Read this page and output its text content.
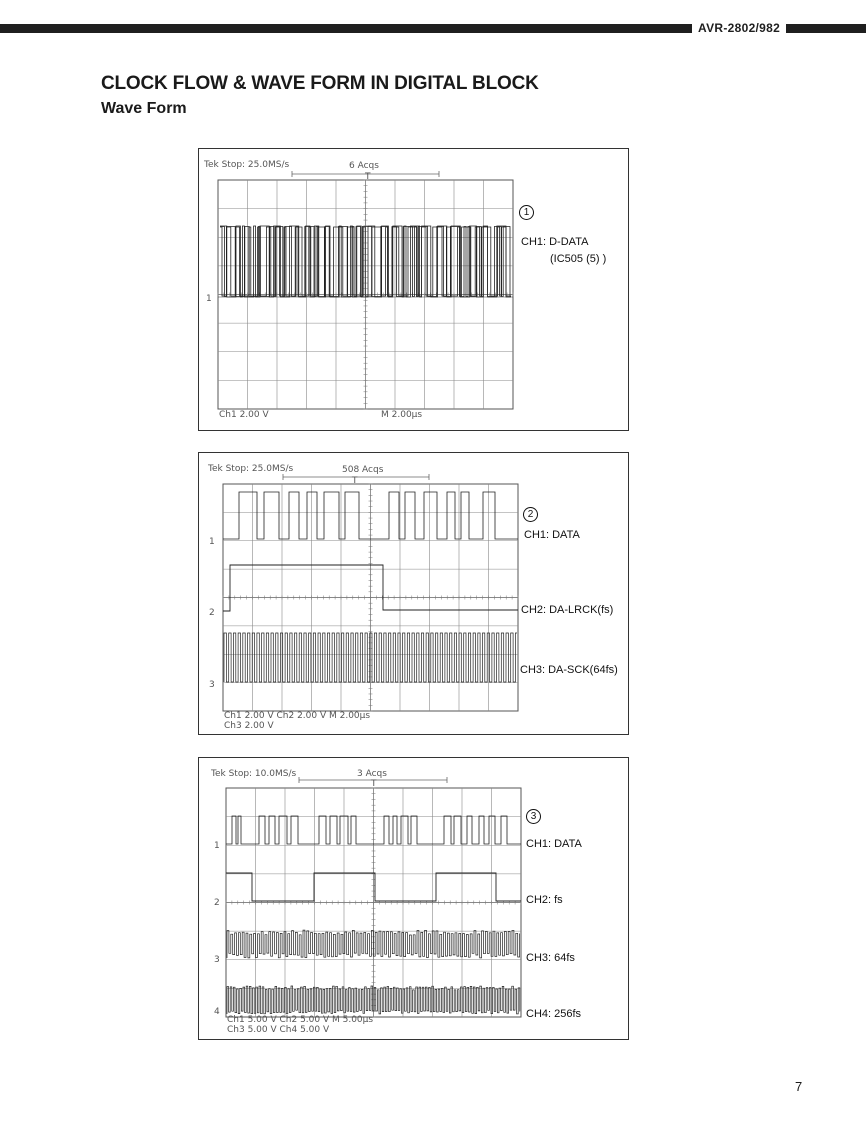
AVR-2802/982
CLOCK FLOW & WAVE FORM IN DIGITAL BLOCK
Wave Form
Tek Stop: 25.0MS/s	6 Acqs
T
Ch1 2.00 V	M 2.00μs
1
1
CH1: D-DATA
(IC505 (5) )
Tek Stop: 25.0MS/s	508 Acqs
T
Ch1 2.00 V Ch2 2.00 V M 2.00μs
Ch3 2.00 V
1
2
3
2
CH1: DATA
CH2: DA-LRCK(fs)
CH3: DA-SCK(64fs)
Tek Stop: 10.0MS/s	3 Acqs
T
Ch1 5.00 V Ch2 5.00 V M 5.00μs
Ch3 5.00 V Ch4 5.00 V
1
2
3
4
3
CH1: DATA
CH2: fs
CH3: 64fs
CH4: 256fs
7
